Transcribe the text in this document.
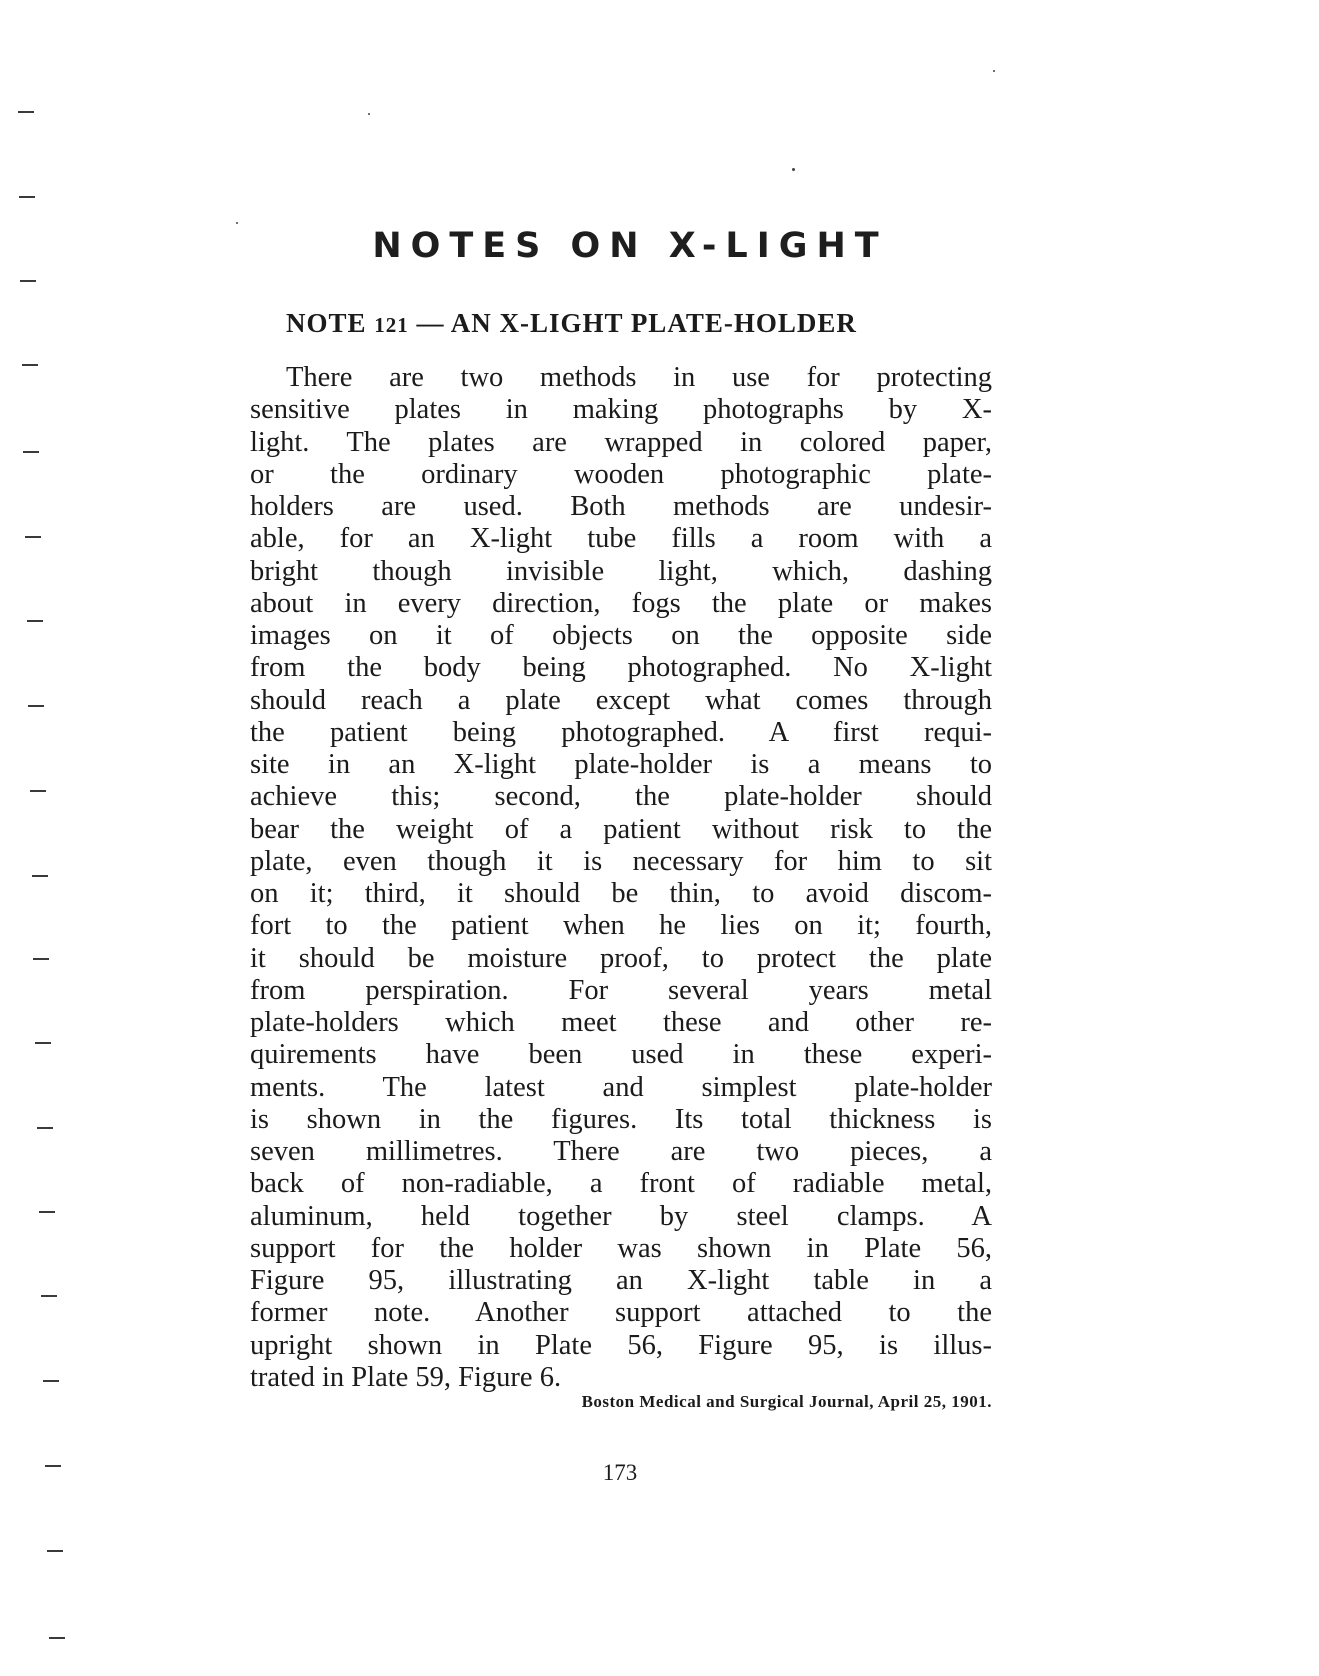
NOTES ON X-LIGHT
NOTE 121 — AN X-LIGHT PLATE-HOLDER
There are two methods in use for protecting
sensitive plates in making photographs by X-
light. The plates are wrapped in colored paper,
or the ordinary wooden photographic plate-
holders are used. Both methods are undesir-
able, for an X-light tube fills a room with a
bright though invisible light, which, dashing
about in every direction, fogs the plate or makes
images on it of objects on the opposite side
from the body being photographed. No X-light
should reach a plate except what comes through
the patient being photographed. A first requi-
site in an X-light plate-holder is a means to
achieve this; second, the plate-holder should
bear the weight of a patient without risk to the
plate, even though it is necessary for him to sit
on it; third, it should be thin, to avoid discom-
fort to the patient when he lies on it; fourth,
it should be moisture proof, to protect the plate
from perspiration. For several years metal
plate-holders which meet these and other re-
quirements have been used in these experi-
ments. The latest and simplest plate-holder
is shown in the figures. Its total thickness is
seven millimetres. There are two pieces, a
back of non-radiable, a front of radiable metal,
aluminum, held together by steel clamps. A
support for the holder was shown in Plate 56,
Figure 95, illustrating an X-light table in a
former note. Another support attached to the
upright shown in Plate 56, Figure 95, is illus-
trated in Plate 59, Figure 6.

Boston Medical and Surgical Journal, April 25, 1901.

173
